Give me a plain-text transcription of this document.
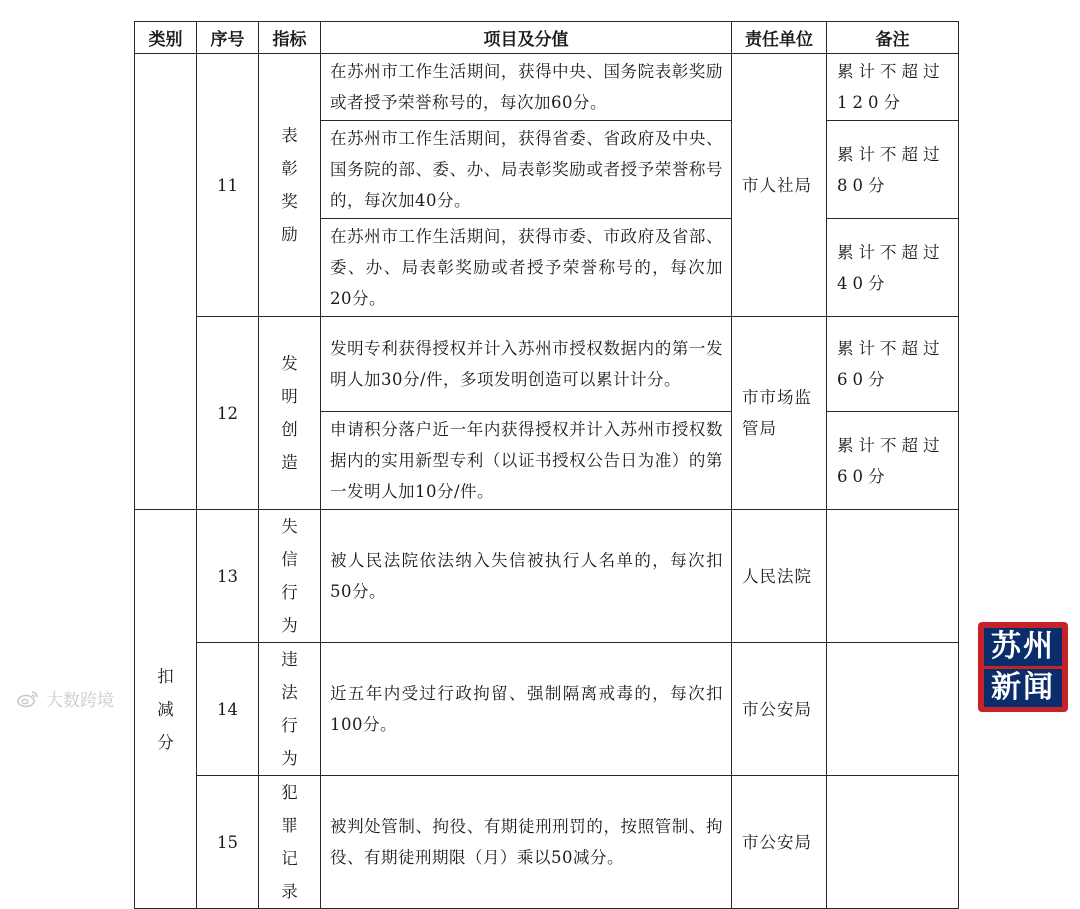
类别	序号	指标	项目及分值	责任单位	备注
	11	表彰奖励	在苏州市工作生活期间，获得中央、国务院表彰奖励或者授予荣誉称号的，每次加60分。	市人社局	累计不超过120分
			在苏州市工作生活期间，获得省委、省政府及中央、国务院的部、委、办、局表彰奖励或者授予荣誉称号的，每次加40分。		累计不超过80分
			在苏州市工作生活期间，获得市委、市政府及省部、委、办、局表彰奖励或者授予荣誉称号的，每次加20分。		累计不超过40分
	12	发明创造	发明专利获得授权并计入苏州市授权数据内的第一发明人加30分/件，多项发明创造可以累计计分。	市市场监管局	累计不超过60分
			申请积分落户近一年内获得授权并计入苏州市授权数据内的实用新型专利（以证书授权公告日为准）的第一发明人加10分/件。		累计不超过60分
扣减分	13	失信行为	被人民法院依法纳入失信被执行人名单的，每次扣50分。	人民法院	
	14	违法行为	近五年内受过行政拘留、强制隔离戒毒的，每次扣100分。	市公安局	
	15	犯罪记录	被判处管制、拘役、有期徒刑刑罚的，按照管制、拘役、有期徒刑期限（月）乘以50减分。	市公安局	
大数跨境
苏州
新闻
